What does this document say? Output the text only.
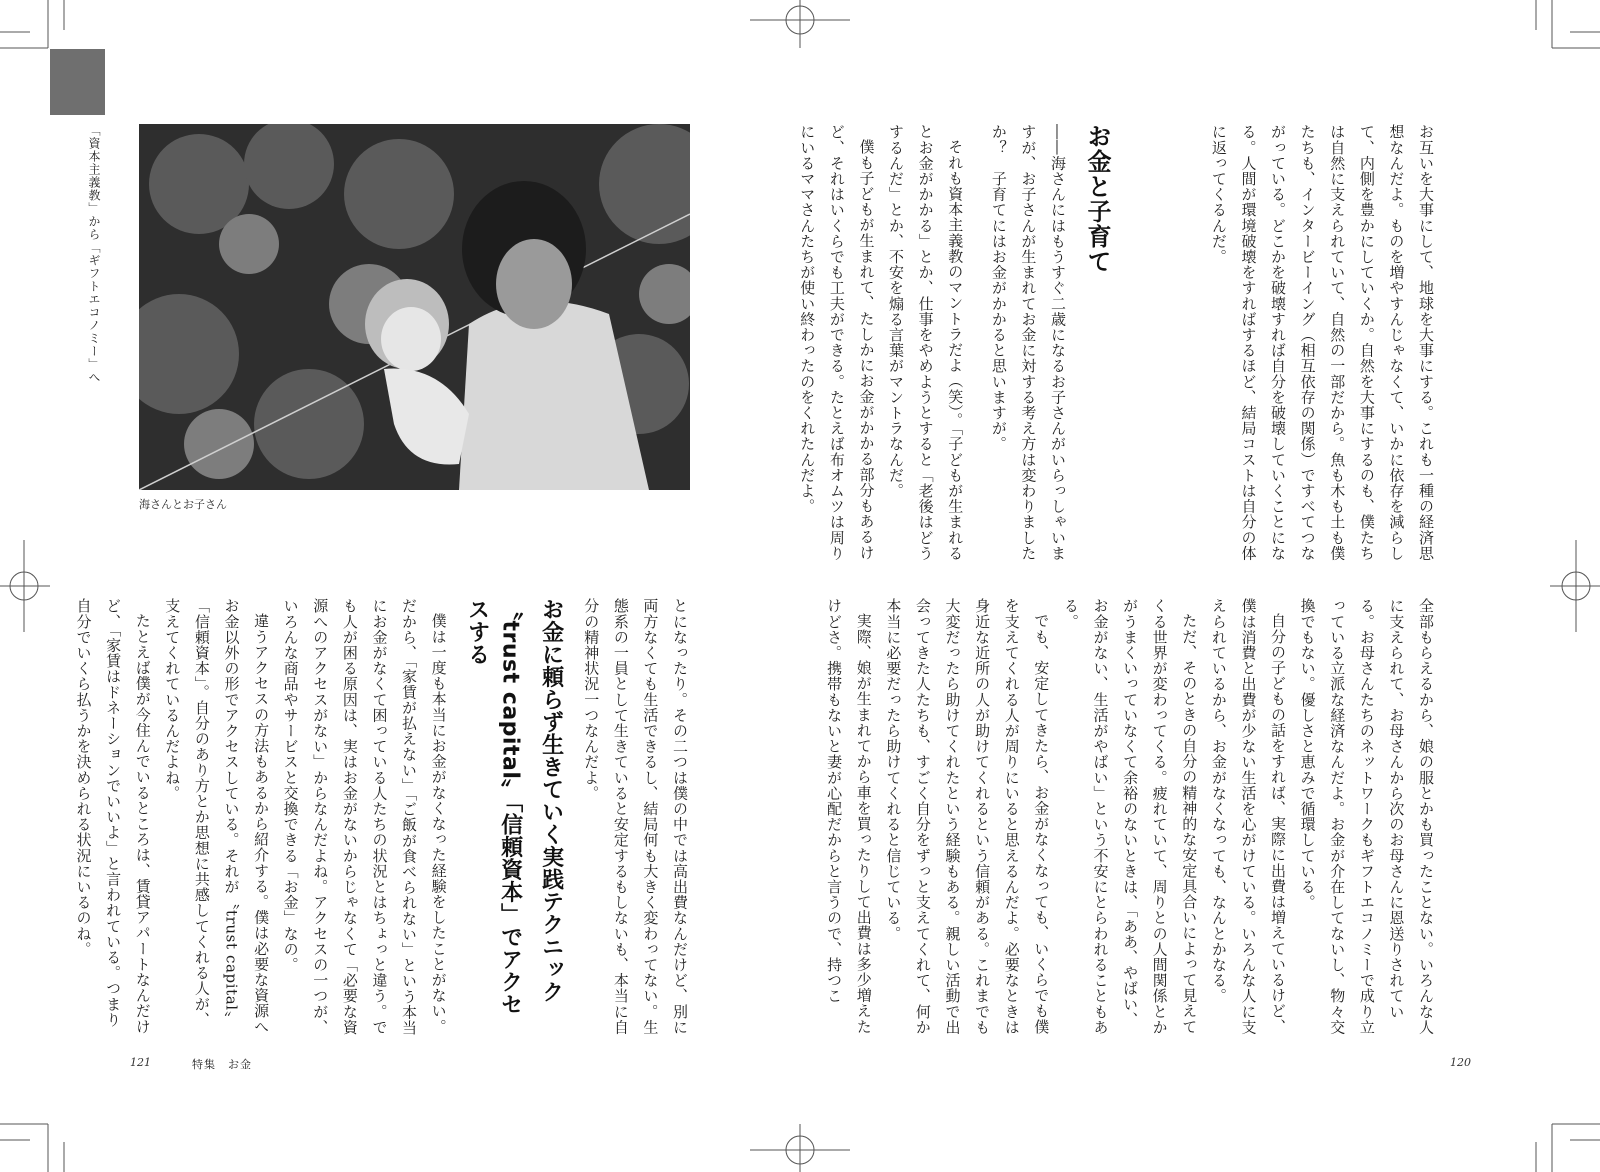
「資本主義教」から「ギフトエコノミー」へ
海さんとお子さん	お互いを大事にして、地球を大事にする。これも一種の経済思想なんだよ。ものを増やすんじゃなくて、いかに依存を減らして、内側を豊かにしていくか。自然を大事にするのも、僕たちは自然に支えられていて、自然の一部だから。魚も木も土も僕たちも、インタービーイング（相互依存の関係）ですべてつながっている。どこかを破壊すれば自分を破壊していくことになる。人間が環境破壊をすればするほど、結局コストは自分の体に返ってくるんだ。

お金と子育て

――海さんにはもうすぐ二歳になるお子さんがいらっしゃいますが、お子さんが生まれてお金に対する考え方は変わりましたか？　子育てにはお金がかかると思いますが。

それも資本主義教のマントラだよ（笑）。「子どもが生まれるとお金がかかる」とか、仕事をやめようとすると「老後はどうするんだ」とか、不安を煽る言葉がマントラなんだ。

僕も子どもが生まれて、たしかにお金がかかる部分もあるけど、それはいくらでも工夫ができる。たとえば布オムツは周りにいるママさんたちが使い終わったのをくれたんだよ。

全部もらえるから、娘の服とかも買ったことない。いろんな人に支えられて、お母さんから次のお母さんに恩送りされている。お母さんたちのネットワークもギフトエコノミーで成り立っている立派な経済なんだよ。お金が介在してないし、物々交換でもない。優しさと恵みで循環している。

自分の子どもの話をすれば、実際に出費は増えているけど、僕は消費と出費が少ない生活を心がけている。いろんな人に支えられているから、お金がなくなっても、なんとかなる。

ただ、そのときの自分の精神的な安定具合いによって見えてくる世界が変わってくる。疲れていて、周りとの人間関係とかがうまくいっていなくて余裕のないときは、「ああ、やばい、お金がない、生活がやばい」という不安にとらわれることもある。

でも、安定してきたら、お金がなくなっても、いくらでも僕を支えてくれる人が周りにいると思えるんだよ。必要なときは身近な近所の人が助けてくれるという信頼がある。これまでも大変だったら助けてくれたという経験もある。親しい活動で出会ってきた人たちも、すごく自分をずっと支えてくれて、何か本当に必要だったら助けてくれると信じている。

実際、娘が生まれてから車を買ったりして出費は多少増えたけどさ。携帯もないと妻が心配だからと言うので、持つこ

とになったり。その二つは僕の中では高出費なんだけど、別に両方なくても生活できるし、結局何も大きく変わってない。生態系の一員として生きていると安定するもしないも、本当に自分の精神状況一つなんだよ。

お金に頼らず生きていく実践テクニック
〝trust capital〟「信頼資本」でアクセスする

僕は一度も本当にお金がなくなった経験をしたことがない。だから、「家賃が払えない」「ご飯が食べられない」という本当にお金がなくて困っている人たちの状況とはちょっと違う。でも人が困る原因は、実はお金がないからじゃなくて「必要な資源へのアクセスがない」からなんだよね。アクセスの一つが、いろんな商品やサービスと交換できる「お金」なの。

違うアクセスの方法もあるから紹介する。僕は必要な資源へお金以外の形でアクセスしている。それが〝trust capital〟「信頼資本」。自分のあり方とか思想に共感してくれる人が、支えてくれているんだよね。

たとえば僕が今住んでいるところは、賃貸アパートなんだけど、「家賃はドネーションでいいよ」と言われている。つまり自分でいくら払うかを決められる状況にいるのね。

121	特集　お金	120
